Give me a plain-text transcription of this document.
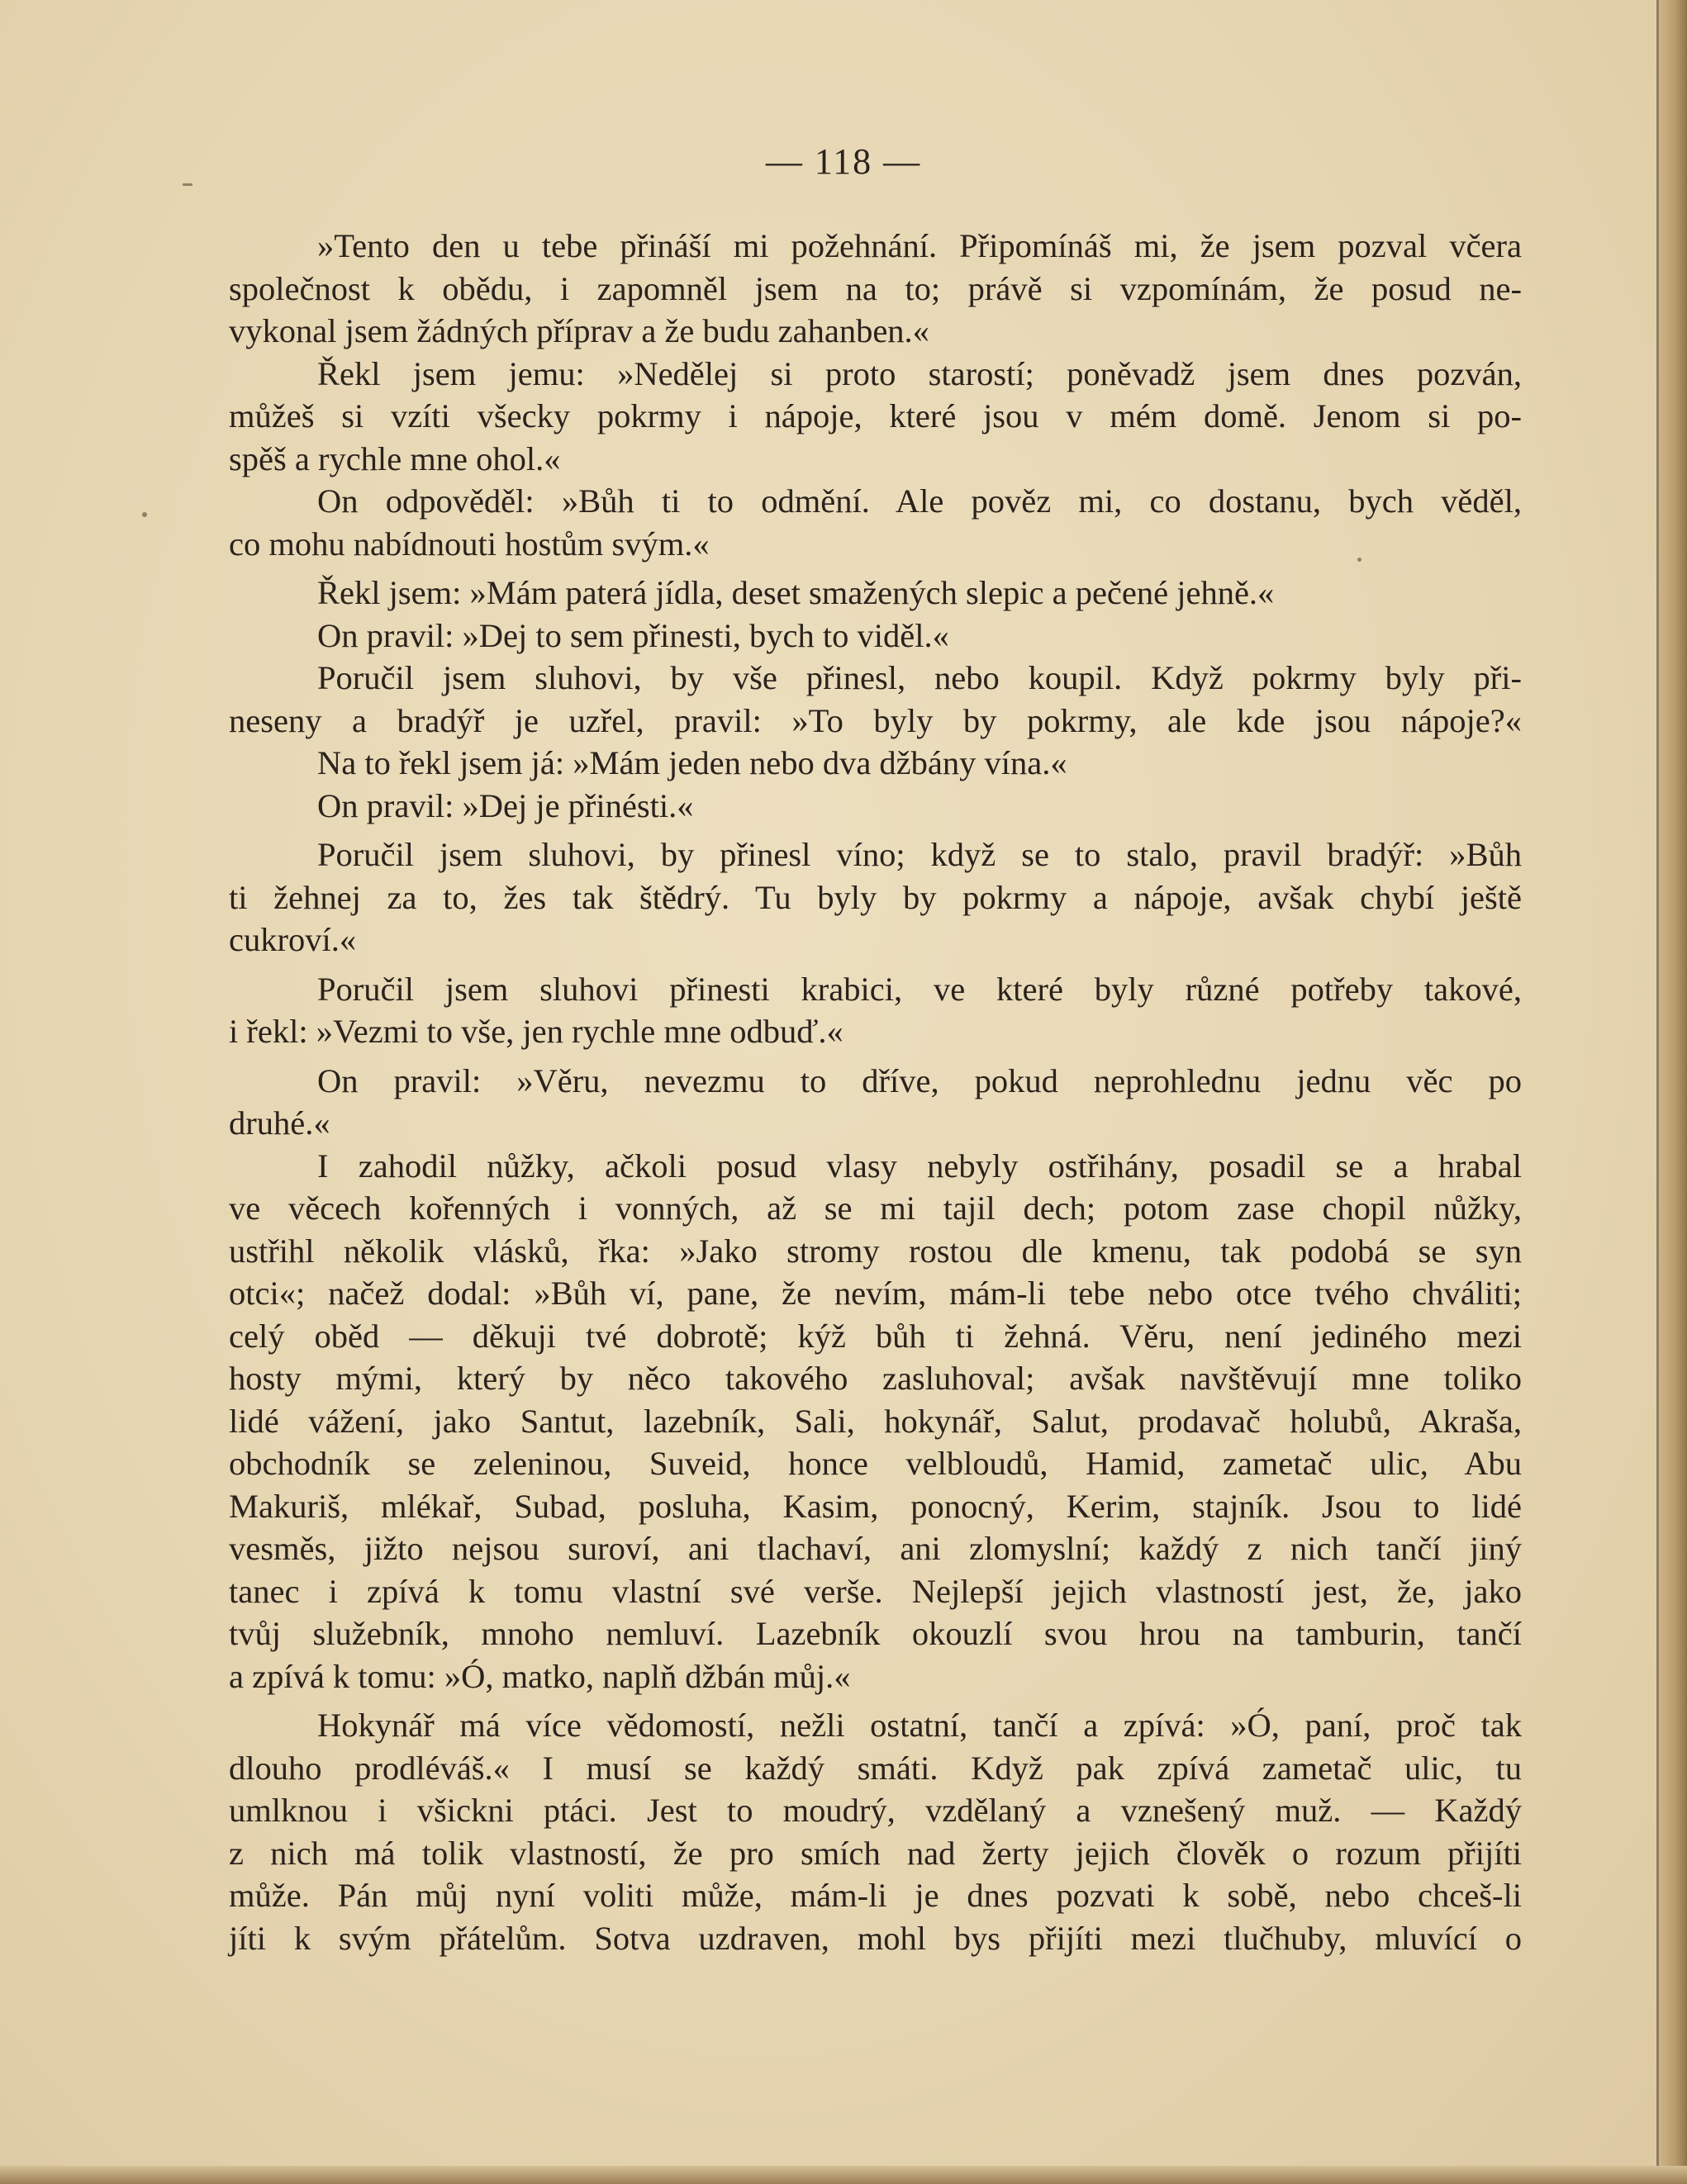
— 118 —
»Tento den u tebe přináší mi požehnání. Připomínáš mi, že jsem pozval včera
společnost k obědu, i zapomněl jsem na to; právě si vzpomínám, že posud ne-
vykonal jsem žádných příprav a že budu zahanben.«
Řekl jsem jemu: »Nedělej si proto starostí; poněvadž jsem dnes pozván,
můžeš si vzíti všecky pokrmy i nápoje, které jsou v mém domě. Jenom si po-
spěš a rychle mne ohol.«
On odpověděl: »Bůh ti to odmění. Ale pověz mi, co dostanu, bych věděl,
co mohu nabídnouti hostům svým.«
Řekl jsem: »Mám paterá jídla, deset smažených slepic a pečené jehně.«
On pravil: »Dej to sem přinesti, bych to viděl.«
Poručil jsem sluhovi, by vše přinesl, nebo koupil. Když pokrmy byly při-
neseny a bradýř je uzřel, pravil: »To byly by pokrmy, ale kde jsou nápoje?«
Na to řekl jsem já: »Mám jeden nebo dva džbány vína.«
On pravil: »Dej je přinésti.«
Poručil jsem sluhovi, by přinesl víno; když se to stalo, pravil bradýř: »Bůh
ti žehnej za to, žes tak štědrý. Tu byly by pokrmy a nápoje, avšak chybí ještě
cukroví.«
Poručil jsem sluhovi přinesti krabici, ve které byly různé potřeby takové,
i řekl: »Vezmi to vše, jen rychle mne odbuď.«
On pravil: »Věru, nevezmu to dříve, pokud neprohlednu jednu věc po
druhé.«
I zahodil nůžky, ačkoli posud vlasy nebyly ostřihány, posadil se a hrabal
ve věcech kořenných i vonných, až se mi tajil dech; potom zase chopil nůžky,
ustřihl několik vlásků, řka: »Jako stromy rostou dle kmenu, tak podobá se syn
otci«; načež dodal: »Bůh ví, pane, že nevím, mám-li tebe nebo otce tvého chváliti;
celý oběd — děkuji tvé dobrotě; kýž bůh ti žehná. Věru, není jediného mezi
hosty mými, který by něco takového zasluhoval; avšak navštěvují mne toliko
lidé vážení, jako Santut, lazebník, Sali, hokynář, Salut, prodavač holubů, Akraša,
obchodník se zeleninou, Suveid, honce velbloudů, Hamid, zametač ulic, Abu
Makuriš, mlékař, Subad, posluha, Kasim, ponocný, Kerim, stajník. Jsou to lidé
vesměs, jižto nejsou suroví, ani tlachaví, ani zlomyslní; každý z nich tančí jiný
tanec i zpívá k tomu vlastní své verše. Nejlepší jejich vlastností jest, že, jako
tvůj služebník, mnoho nemluví. Lazebník okouzlí svou hrou na tamburin, tančí
a zpívá k tomu: »Ó, matko, naplň džbán můj.«
Hokynář má více vědomostí, nežli ostatní, tančí a zpívá: »Ó, paní, proč tak
dlouho prodléváš.« I musí se každý smáti. Když pak zpívá zametač ulic, tu
umlknou i všicknі ptáci. Jest to moudrý, vzdělaný a vznešený muž. — Každý
z nich má tolik vlastností, že pro smích nad žerty jejich člověk o rozum přijíti
může. Pán můj nyní voliti může, mám-li je dnes pozvati k sobě, nebo chceš-li
jíti k svým přátelům. Sotva uzdraven, mohl bys přijíti mezi tlučhuby, mluvící o
